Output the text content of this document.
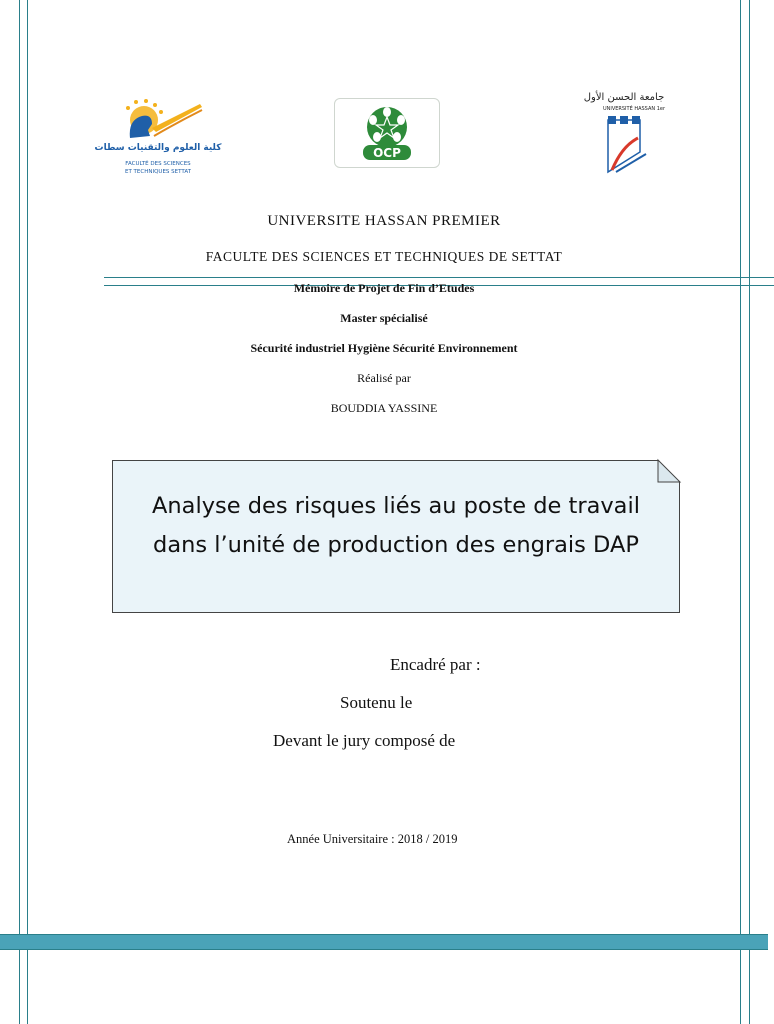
كلية العلوم والتقنيات سطات
FACULTÉ DES SCIENCES
ET TECHNIQUES SETTAT
OCP
جامعة الحسن الأول
UNIVERSITÉ HASSAN 1er
UNIVERSITE HASSAN PREMIER
FACULTE DES SCIENCES ET TECHNIQUES DE SETTAT
Mémoire de Projet de Fin d’Etudes
Master spécialisé
Sécurité industriel Hygiène Sécurité Environnement
Réalisé par
BOUDDIA YASSINE
Analyse des risques liés au poste de travail
dans l’unité de production des engrais DAP
Encadré par :
Soutenu le
Devant le jury composé de
Année Universitaire : 2018 / 2019
